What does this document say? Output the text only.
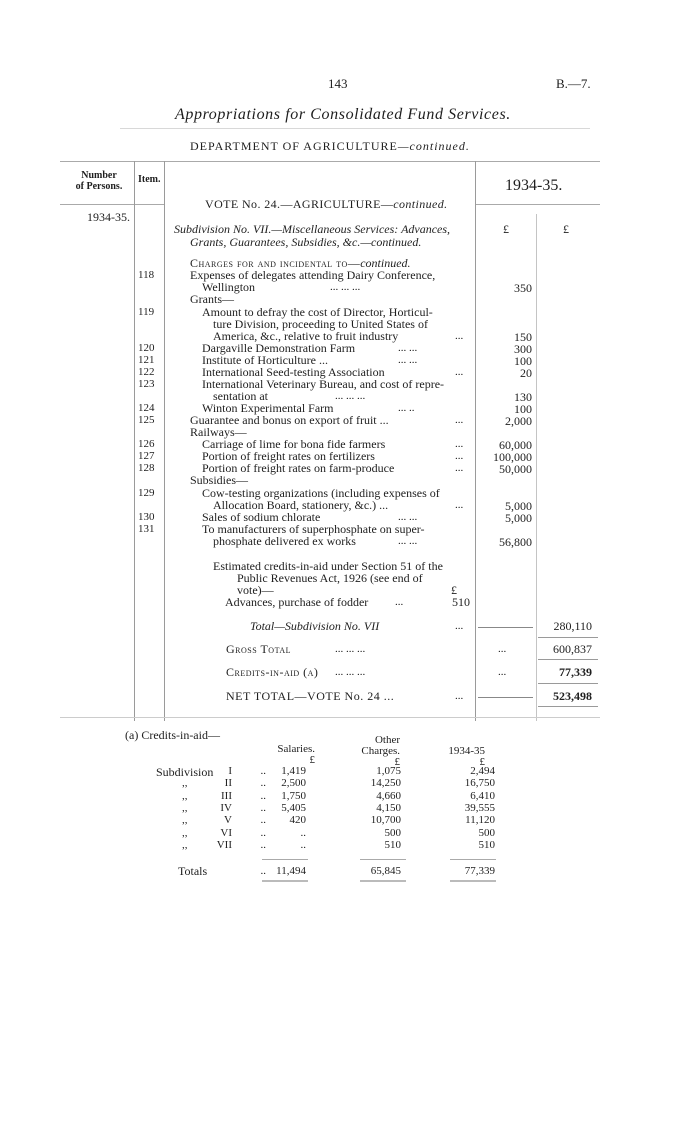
143	B.—7.
Appropriations for Consolidated Fund Services.
DEPARTMENT OF AGRICULTURE—continued.
Number
of Persons.
Item.
1934-35.
1934-35.
£	£
VOTE No. 24.—AGRICULTURE—continued.
Subdivision No. VII.—Miscellaneous Services: Advances,
Grants, Guarantees, Subsidies, &c.—continued.
Charges for and incidental to—continued.
118	Expenses of delegates attending Dairy Conference,
Wellington	... ... ...	350
Grants—
119	Amount to defray the cost of Director, Horticul-
ture Division, proceeding to United States of
America, &c., relative to fruit industry	...	150
120	Dargaville Demonstration Farm	... ...	300
121	Institute of Horticulture ...	... ...	100
122	International Seed-testing Association	...	20
123	International Veterinary Bureau, and cost of repre-
sentation at	... ... ...	130
124	Winton Experimental Farm	... ..	100
125	Guarantee and bonus on export of fruit ...	...	2,000
Railways—
126	Carriage of lime for bona fide farmers	...	60,000
127	Portion of freight rates on fertilizers	...	100,000
128	Portion of freight rates on farm-produce	...	50,000
Subsidies—
129	Cow-testing organizations (including expenses of
Allocation Board, stationery, &c.) ...	...	5,000
130	Sales of sodium chlorate	... ...	5,000
131	To manufacturers of superphosphate on super-
phosphate delivered ex works	... ...	56,800
Estimated credits-in-aid under Section 51 of the
Public Revenues Act, 1926 (see end of
vote)—	£
Advances, purchase of fodder ...	510
Total—Subdivision No. VII	...	280,110
Gross Total	... ... ...	...	600,837
Credits-in-aid (a) ... ... ...	...	77,339
NET TOTAL—VOTE No. 24 ...	...	523,498
(a) Credits-in-aid—
Salaries.
Other
Charges.	1934-35
£	£	£
Subdivision	I	..	1,419	1,075	2,494
,,	II	..	2,500	14,250	16,750
,,	III	..	1,750	4,660	6,410
,,	IV	..	5,405	4,150	39,555
,,	V	..	420	10,700	11,120
,,	VI	..	..	500	500
,,	VII	..	..	510	510
Totals	.. 11,494	65,845	77,339
